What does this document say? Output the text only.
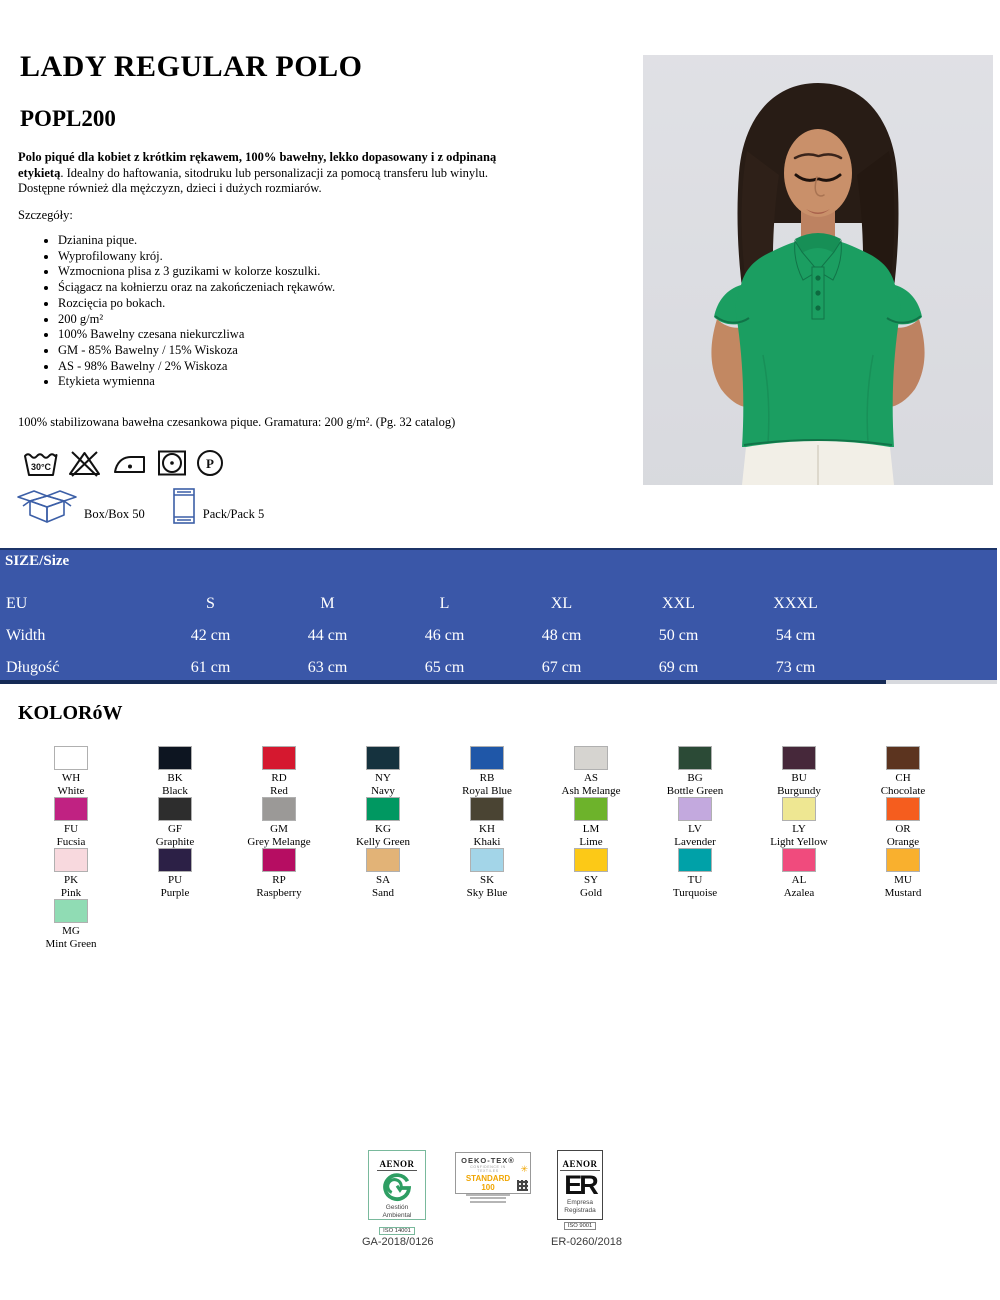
LADY REGULAR POLO
POPL200
Polo piqué dla kobiet z krótkim rękawem, 100% bawełny, lekko dopasowany i z odpinaną etykietą. Idealny do haftowania, sitodruku lub personalizacji za pomocą transferu lub winylu. Dostępne również dla mężczyzn, dzieci i dużych rozmiarów.
Szczegóły:
• Dzianina pique.
• Wyprofilowany krój.
• Wzmocniona plisa z 3 guzikami w kolorze koszulki.
• Ściągacz na kołnierzu oraz na zakończeniach rękawów.
• Rozcięcia po bokach.
• 200 g/m²
• 100% Bawelny czesana niekurczliwa
• GM - 85% Bawelny / 15% Wiskoza
• AS - 98% Bawelny / 2% Wiskoza
• Etykieta wymienna
100% stabilizowana bawełna czesankowa pique. Gramatura: 200 g/m². (Pg. 32 catalog)
30°C	P
Box/Box 50	Pack/Pack 5
SIZE/Size
EU	S	M	L	XL	XXL	XXXL
Width	42 cm	44 cm	46 cm	48 cm	50 cm	54 cm
Długość	61 cm	63 cm	65 cm	67 cm	69 cm	73 cm
KOLORóW
WH
White
BK
Black
RD
Red
NY
Navy
RB
Royal Blue
AS
Ash Melange
BG
Bottle Green
BU
Burgundy
CH
Chocolate
FU
Fucsia
GF
Graphite
GM
Grey Melange
KG
Kelly Green
KH
Khaki
LM
Lime
LV
Lavender
LY
Light Yellow
OR
Orange
PK
Pink
PU
Purple
RP
Raspberry
SA
Sand
SK
Sky Blue
SY
Gold
TU
Turquoise
AL
Azalea
MU
Mustard
MG
Mint Green
AENOR
Gestión
Ambiental
ISO 14001
OEKO-TEX®
CONFIDENCE IN TEXTILES
STANDARD 100
✳	AENOR
ER
Empresa
Registrada
ISO 9001
GA-2018/0126	ER-0260/2018
